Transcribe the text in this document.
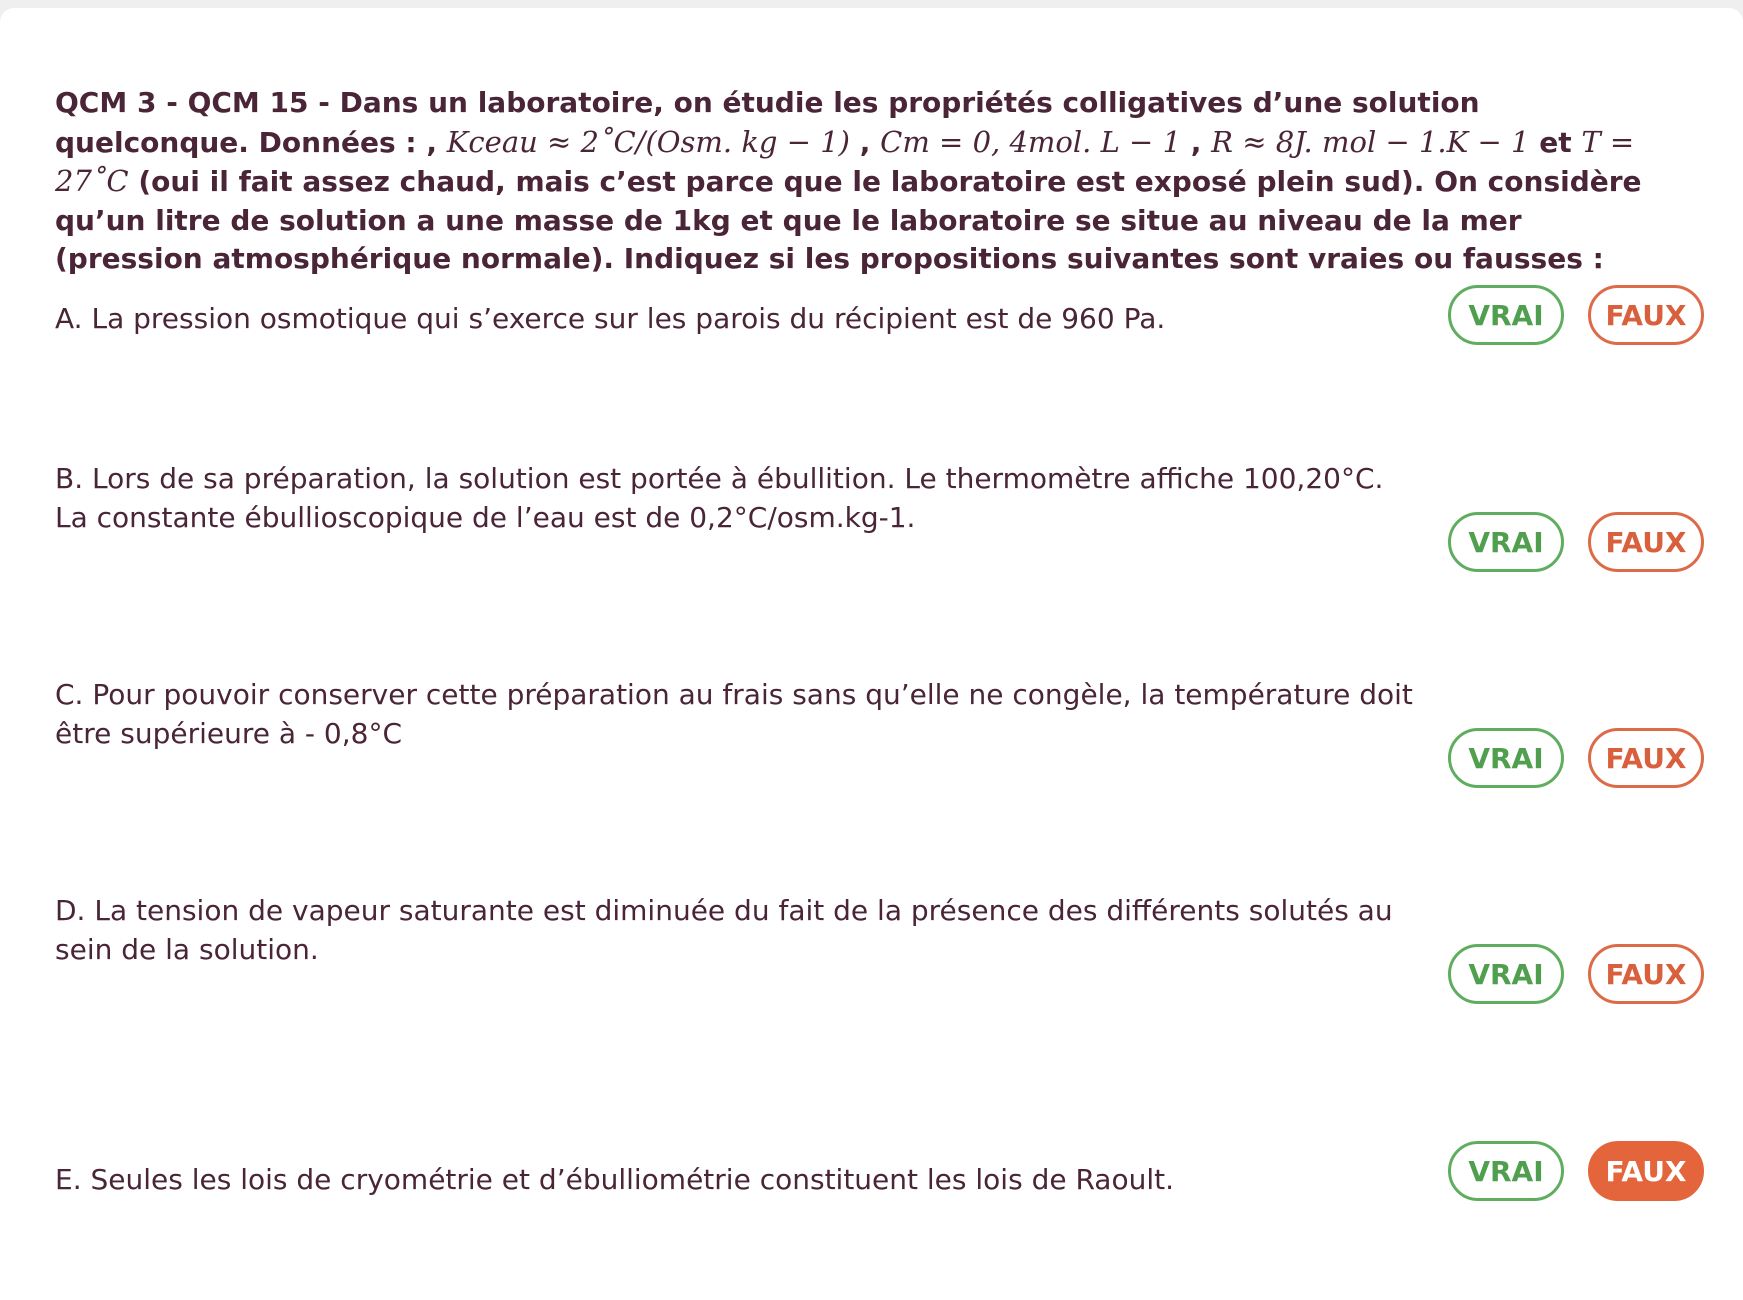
QCM 3 - QCM 15 - Dans un laboratoire, on étudie les propriétés colligatives d’une solution quelconque. Données : , Kceau ≈ 2˚C/(Osm. kg − 1) , Cm = 0, 4mol. L − 1 , R ≈ 8J. mol − 1.K − 1 et T = 27˚C (oui il fait assez chaud, mais c’est parce que le laboratoire est exposé plein sud). On considère qu’un litre de solution a une masse de 1kg et que le laboratoire se situe au niveau de la mer (pression atmosphérique normale). Indiquez si les propositions suivantes sont vraies ou fausses :
A. La pression osmotique qui s’exerce sur les parois du récipient est de 960 Pa.	VRAI	FAUX
B. Lors de sa préparation, la solution est portée à ébullition. Le thermomètre affiche 100,20°C. La constante ébullioscopique de l’eau est de 0,2°C/osm.kg-1.
VRAI	FAUX
C. Pour pouvoir conserver cette préparation au frais sans qu’elle ne congèle, la température doit être supérieure à - 0,8°C
VRAI	FAUX
D. La tension de vapeur saturante est diminuée du fait de la présence des différents solutés au sein de la solution.
VRAI	FAUX
E. Seules les lois de cryométrie et d’ébulliométrie constituent les lois de Raoult.	VRAI	FAUX
